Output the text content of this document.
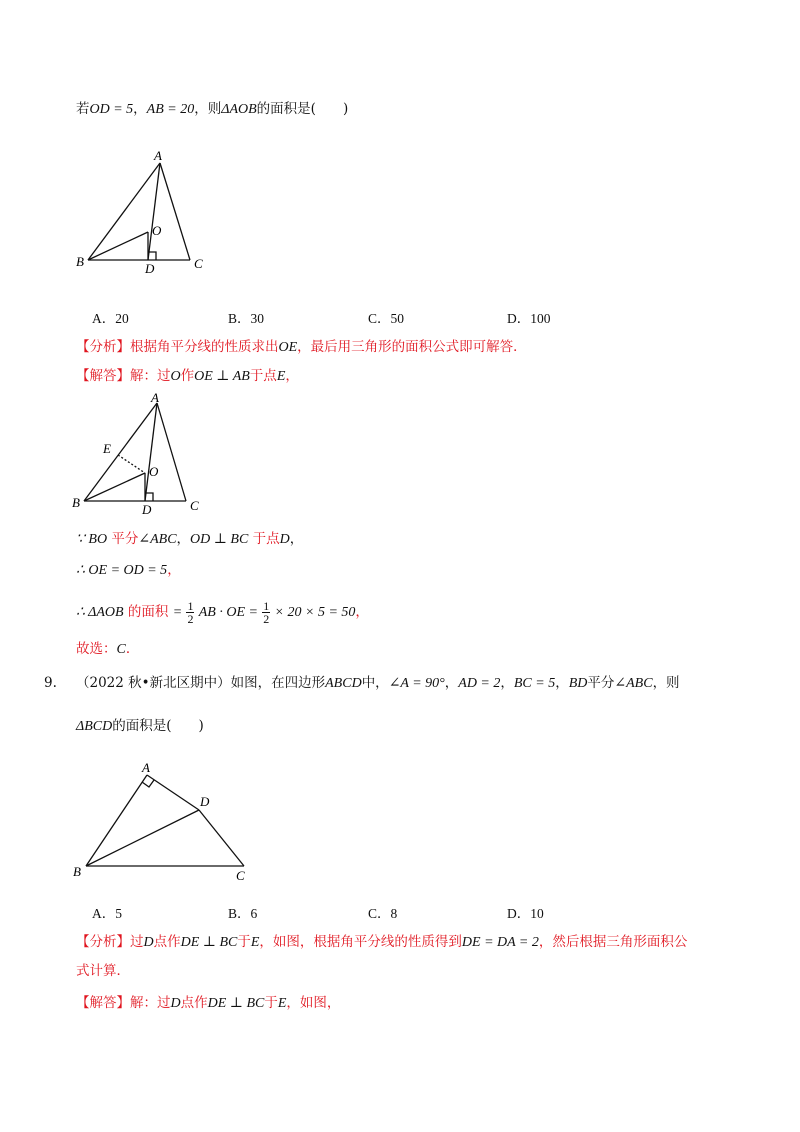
若OD = 5，AB = 20，则ΔAOB的面积是(　　)
A
B	C
D
O
A．20	B．30	C．50	D．100
【分析】根据角平分线的性质求出OE，最后用三角形的面积公式即可解答．
【解答】解：过O作OE ⊥ AB于点E，
A
B	C
D
O
E
∵ BO 平分∠ABC，OD ⊥ BC 于点D，
∴ OE = OD = 5，
∴ ΔAOB 的面积 = $\frac{1}{2}$ AB · OE = $\frac{1}{2} \times 20 \times 5 = 50$，
故选：C．
9. （2022 秋•新北区期中）如图，在四边形ABCD中，∠A = 90°，AD = 2，BC = 5，BD平分∠ABC，则
ΔBCD的面积是(　　)
A
B	C
D
A．5	B．6	C．8	D．10
【分析】过D点作DE ⊥ BC于E，如图，根据角平分线的性质得到DE = DA = 2，然后根据三角形面积公
式计算．
【解答】解：过D点作DE ⊥ BC于E，如图，
